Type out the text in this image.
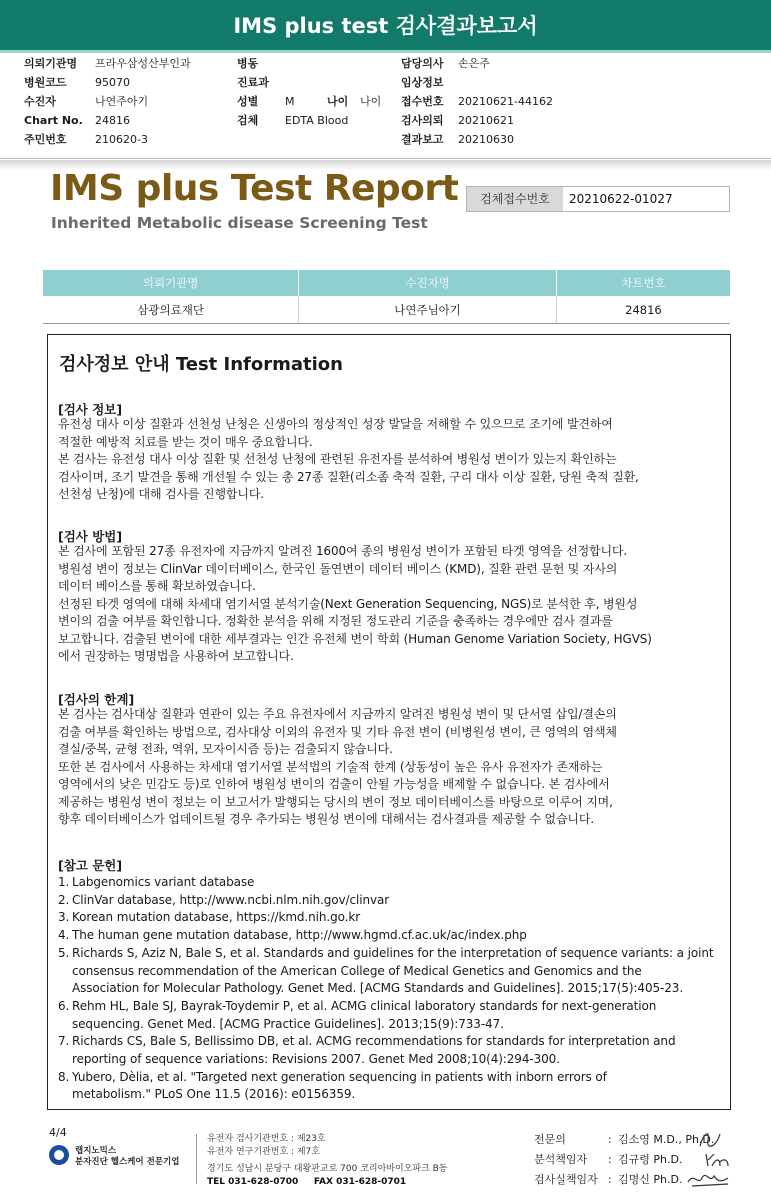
IMS plus test 검사결과보고서
의뢰기관명 프라우삼성산부인과
병원코드	95070
수진자	나연주아기
Chart No. 24816
주민번호	210620-3
병동
진료과
성별 M	나이 나이
검체 EDTA Blood
담당의사 손은주
임상정보
접수번호 20210621-44162
검사의뢰 20210621
결과보고 20210630
IMS plus Test Report
Inherited Metabolic disease Screening Test
검체접수번호	20210622-01027
의뢰기관명	수진자명	차트번호
삼광의료재단	나연주님아기	24816
검사정보 안내 Test Information
[검사 정보]
유전성 대사 이상 질환과 선천성 난청은 신생아의 정상적인 성장 발달을 저해할 수 있으므로 조기에 발견하여
적절한 예방적 치료를 받는 것이 매우 중요합니다.
본 검사는 유전성 대사 이상 질환 및 선천성 난청에 관련된 유전자를 분석하여 병원성 변이가 있는지 확인하는
검사이며, 조기 발견을 통해 개선될 수 있는 총 27종 질환(리소좀 축적 질환, 구리 대사 이상 질환, 당원 축적 질환,
선천성 난청)에 대해 검사를 진행합니다.
[검사 방법]
본 검사에 포함된 27종 유전자에 지금까지 알려진 1600여 종의 병원성 변이가 포함된 타겟 영역을 선정합니다.
병원성 변이 정보는 ClinVar 데이터베이스, 한국인 돌연변이 데이터 베이스 (KMD), 질환 관련 문헌 및 자사의
데이터 베이스를 통해 확보하였습니다.
선정된 타겟 영역에 대해 차세대 염기서열 분석기술(Next Generation Sequencing, NGS)로 분석한 후, 병원성
변이의 검출 여부를 확인합니다. 정확한 분석을 위해 지정된 정도관리 기준을 충족하는 경우에만 검사 결과를
보고합니다. 검출된 변이에 대한 세부결과는 인간 유전체 변이 학회 (Human Genome Variation Society, HGVS)
에서 권장하는 명명법을 사용하여 보고합니다.
[검사의 한계]
본 검사는 검사대상 질환과 연관이 있는 주요 유전자에서 지금까지 알려진 병원성 변이 및 단서열 삽입/결손의
검출 여부를 확인하는 방법으로, 검사대상 이외의 유전자 및 기타 유전 변이 (비병원성 변이, 큰 영역의 염색체
결실/중복, 균형 전좌, 역위, 모자이시즘 등)는 검출되지 않습니다.
또한 본 검사에서 사용하는 차세대 염기서열 분석법의 기술적 한계 (상동성이 높은 유사 유전자가 존재하는
영역에서의 낮은 민감도 등)로 인하여 병원성 변이의 검출이 안될 가능성을 배제할 수 없습니다. 본 검사에서
제공하는 병원성 변이 정보는 이 보고서가 발행되는 당시의 변이 정보 데이터베이스를 바탕으로 이루어 지며,
향후 데이터베이스가 업데이트될 경우 추가되는 병원성 변이에 대해서는 검사결과를 제공할 수 없습니다.
[참고 문헌]
1. Labgenomics variant database
2. ClinVar database, http://www.ncbi.nlm.nih.gov/clinvar
3. Korean mutation database, https://kmd.nih.go.kr
4. The human gene mutation database, http://www.hgmd.cf.ac.uk/ac/index.php
5. Richards S, Aziz N, Bale S, et al. Standards and guidelines for the interpretation of sequence variants: a joint
consensus recommendation of the American College of Medical Genetics and Genomics and the
Association for Molecular Pathology. Genet Med. [ACMG Standards and Guidelines]. 2015;17(5):405-23.
6. Rehm HL, Bale SJ, Bayrak-Toydemir P, et al. ACMG clinical laboratory standards for next-generation
sequencing. Genet Med. [ACMG Practice Guidelines]. 2013;15(9):733-47.
7. Richards CS, Bale S, Bellissimo DB, et al. ACMG recommendations for standards for interpretation and
reporting of sequence variations: Revisions 2007. Genet Med 2008;10(4):294-300.
8. Yubero, Dèlia, et al. "Targeted next generation sequencing in patients with inborn errors of
metabolism." PLoS One 11.5 (2016): e0156359.
4/4
랩지노믹스
분자진단 헬스케어 전문기업
유전자 검사기관번호 : 제23호
유전자 연구기관번호 : 제7호
경기도 성남시 분당구 대왕판교로 700 코리아바이오파크 B동
TEL 031-628-0700 FAX 031-628-0701
전문의	: 김소영 M.D., Ph.D.
분석책임자 : 김규령 Ph.D.
검사실책임자 : 김명신 Ph.D.
